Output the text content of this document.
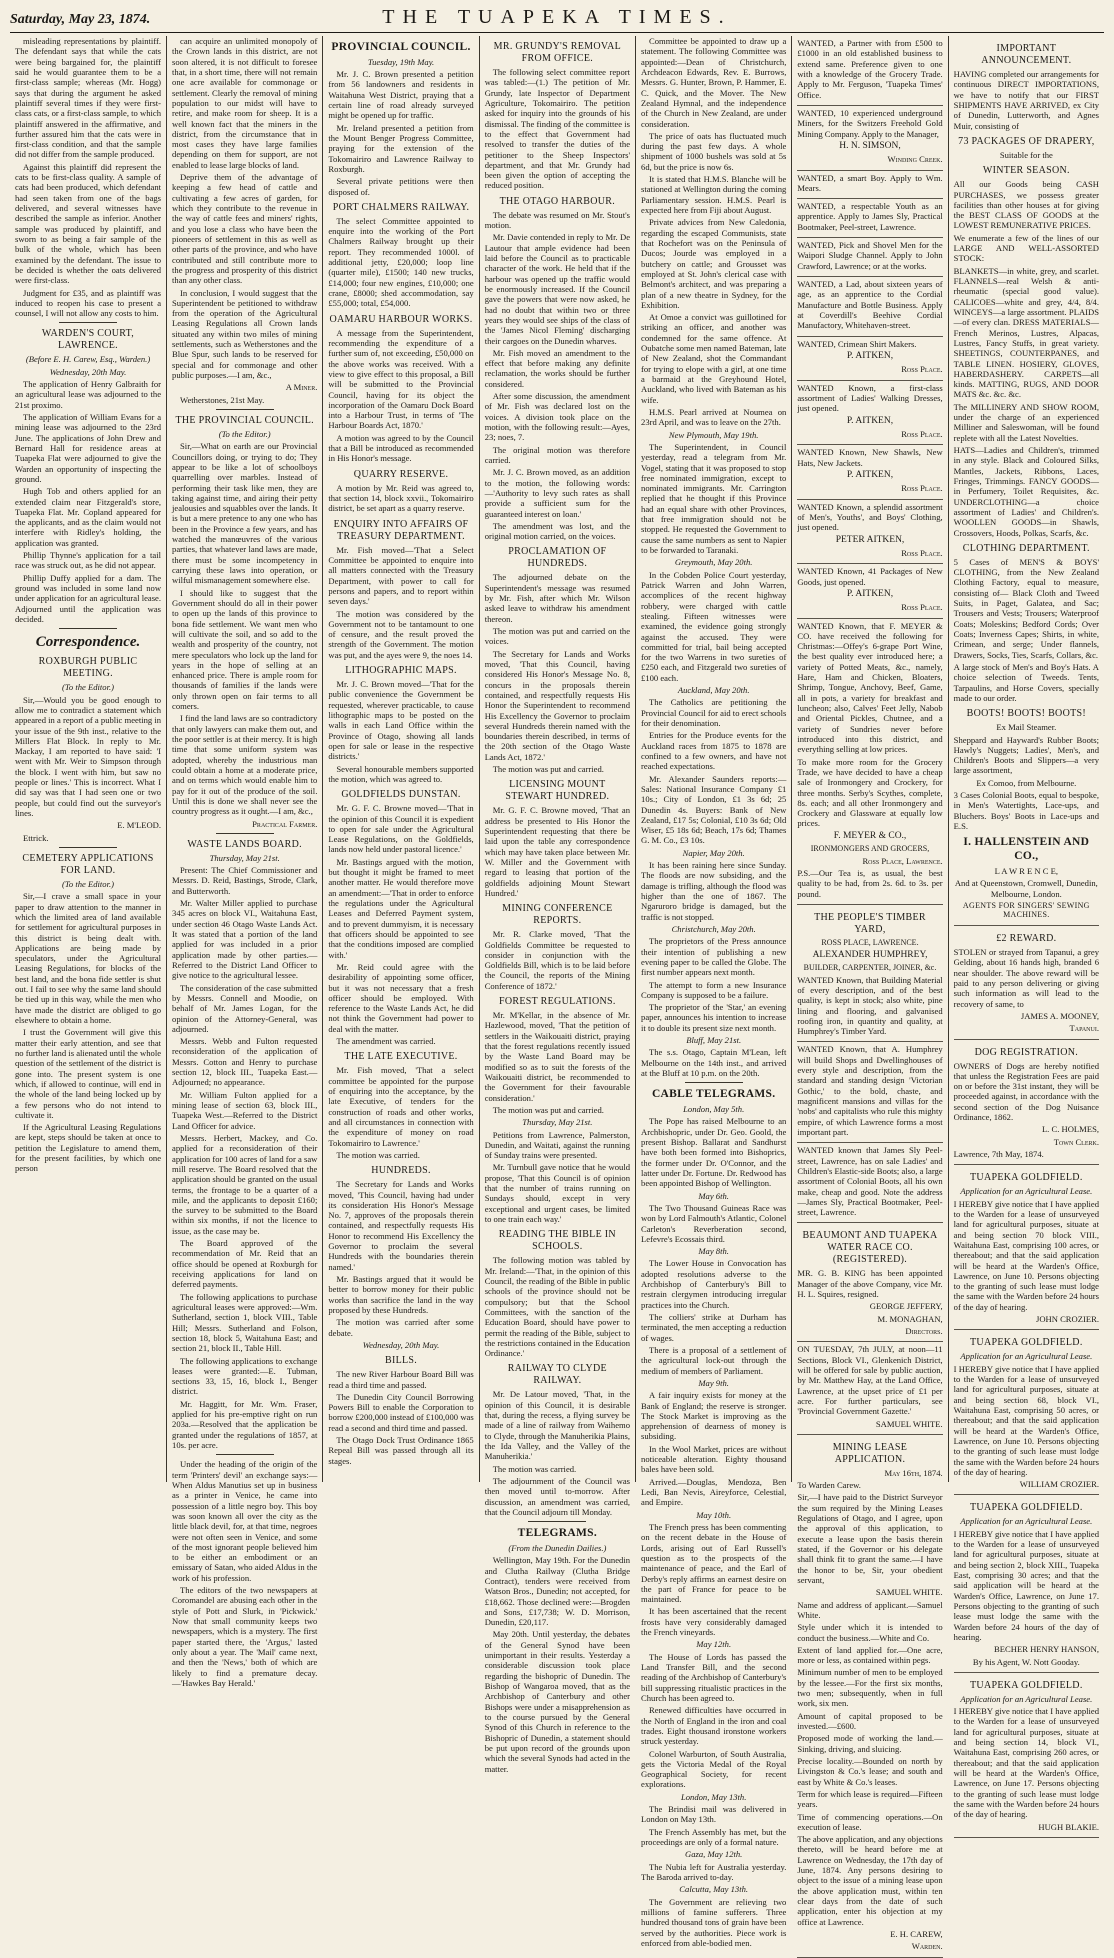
Saturday, May 23, 1874.	THE TUAPEKA TIMES.

misleading representations by plaintiff. The defendant says that while the cats were being bargained for, the plaintiff said he would guarantee them to be a first-class sample; whereas (Mr. Hogg) says that during the argument he asked plaintiff several times if they were first-class cats, or a first-class sample, to which plaintiff answered in the affirmative, and further assured him that the cats were in first-class condition, and that the sample did not differ from the sample produced.

Against this plaintiff did represent the cats to be first-class quality. A sample of cats had been produced, which defendant had seen taken from one of the bags delivered, and several witnesses have described the sample as inferior. Another sample was produced by plaintiff, and sworn to as being a fair sample of the bulk of the whole, which has been examined by the defendant. The issue to be decided is whether the oats delivered were first-class.

Judgment for £35, and as plaintiff was induced to reopen his case to present a counsel, I will not allow any costs to him.

WARDEN'S COURT, LAWRENCE.

(Before E. H. Carew, Esq., Warden.)

Wednesday, 20th May.

The application of Henry Galbraith for an agricultural lease was adjourned to the 21st proximo.

The application of William Evans for a mining lease was adjourned to the 23rd June. The applications of John Drew and Bernard Hall for residence areas at Tuapeka Flat were adjourned to give the Warden an opportunity of inspecting the ground.

Hugh Tob and others applied for an extended claim near Fitzgerald's store, Tuapeka Flat. Mr. Copland appeared for the applicants, and as the claim would not interfere with Ridley's holding, the application was granted.

Phillip Thynne's application for a tail race was struck out, as he did not appear.

Phillip Duffy applied for a dam. The ground was included in some land now under application for an agricultural lease. Adjourned until the application was decided.

Correspondence.

ROXBURGH PUBLIC MEETING.

(To the Editor.)

Sir,—Would you be good enough to allow me to contradict a statement which appeared in a report of a public meeting in your issue of the 9th inst., relative to the Millers Flat Block. In reply to Mr. Mackay, I am reported to have said: 'I went with Mr. Weir to Simpson through the block. I went with him, but saw no people or lines.' This is incorrect. What I did say was that I had seen one or two people, but could find out the surveyor's lines.

E. M'LEOD.

Ettrick.

CEMETERY APPLICATIONS FOR LAND.

(To the Editor.)

Sir,—I crave a small space in your paper to draw attention to the manner in which the limited area of land available for settlement for agricultural purposes in this district is being dealt with. Applications are being made by speculators, under the Agricultural Leasing Regulations, for blocks of the best land, and the bona fide settler is shut out. I fail to see why the same land should be tied up in this way, while the men who have made the district are obliged to go elsewhere to obtain a home.

I trust the Government will give this matter their early attention, and see that no further land is alienated until the whole question of the settlement of the district is gone into. The present system is one which, if allowed to continue, will end in the whole of the land being locked up by a few persons who do not intend to cultivate it.

If the Agricultural Leasing Regulations are kept, steps should be taken at once to petition the Legislature to amend them, for the present facilities, by which one person

can acquire an unlimited monopoly of the Crown lands in this district, are not soon altered, it is not difficult to foresee that, in a short time, there will not remain one acre available for commonage or settlement. Clearly the removal of mining population to our midst will have to retire, and make room for sheep. It is a well known fact that the miners in the district, from the circumstance that in most cases they have large families depending on them for support, are not enabled to lease large blocks of land.

Deprive them of the advantage of keeping a few head of cattle and cultivating a few acres of garden, for which they contribute to the revenue in the way of cattle fees and miners' rights, and you lose a class who have been the pioneers of settlement in this as well as other parts of the province, and who have contributed and still contribute more to the progress and prosperity of this district than any other class.

In conclusion, I would suggest that the Superintendent be petitioned to withdraw from the operation of the Agricultural Leasing Regulations all Crown lands situated any within two miles of mining settlements, such as Wetherstones and the Blue Spur, such lands to be reserved for special and for commonage and other public purposes.—I am, &c.,

A Miner.

Wetherstones, 21st May.

THE PROVINCIAL COUNCIL.

(To the Editor.)

Sir,—What on earth are our Provincial Councillors doing, or trying to do; They appear to be like a lot of schoolboys quarrelling over marbles. Instead of performing their task like men, they are taking against time, and airing their petty jealousies and squabbles over the lands. It is but a mere pretence to any one who has been in the Province a few years, and has watched the manœuvres of the various parties, that whatever land laws are made, there must be some incompetency in carrying these laws into operation, or wilful mismanagement somewhere else.

I should like to suggest that the Government should do all in their power to open up the lands of this province to bona fide settlement. We want men who will cultivate the soil, and so add to the wealth and prosperity of the country, not mere speculators who lock up the land for years in the hope of selling at an enhanced price. There is ample room for thousands of families if the lands were only thrown open on fair terms to all comers.

I find the land laws are so contradictory that only lawyers can make them out, and the poor settler is at their mercy. It is high time that some uniform system was adopted, whereby the industrious man could obtain a home at a moderate price, and on terms which would enable him to pay for it out of the produce of the soil. Until this is done we shall never see the country progress as it ought.—I am, &c.,

Practical Farmer.

WASTE LANDS BOARD.

Thursday, May 21st.

Present: The Chief Commissioner and Messrs. D. Reid, Bastings, Strode, Clark, and Butterworth.

Mr. Walter Miller applied to purchase 345 acres on block VI., Waitahuna East, under section 46 Otago Waste Lands Act. It was stated that a portion of the land applied for was included in a prior application made by other parties.—Referred to the District Land Officer to give notice to the agricultural lessee.

The consideration of the case submitted by Messrs. Connell and Moodie, on behalf of Mr. James Logan, for the opinion of the Attorney-General, was adjourned.

Messrs. Webb and Fulton requested reconsideration of the application of Messrs. Cotton and Henry to purchase section 12, block III., Tuapeka East.—Adjourned; no appearance.

Mr. William Fulton applied for a mining lease of section 63, block III., Tuapeka West.—Referred to the District Land Officer for advice.

Messrs. Herbert, Mackey, and Co. applied for a reconsideration of their application for 100 acres of land for a saw mill reserve. The Board resolved that the application should be granted on the usual terms, the frontage to be a quarter of a mile, and the applicants to deposit £160; the survey to be submitted to the Board within six months, if not the licence to issue, as the case may be.

The Board approved of the recommendation of Mr. Reid that an office should be opened at Roxburgh for receiving applications for land on deferred payments.

The following applications to purchase agricultural leases were approved:—Wm. Sutherland, section 1, block VIII., Table Hill; Messrs. Sutherland and Folson, section 18, block 5, Waitahuna East; and section 21, block II., Table Hill.

The following applications to exchange leases were granted:—E. Tubman, sections 33, 15, 16, block I., Benger district.

Mr. Haggitt, for Mr. Wm. Fraser, applied for his pre-emptive right on run 203a.—Resolved that the application be granted under the regulations of 1857, at 10s. per acre.

Under the heading of the origin of the term 'Printers' devil' an exchange says:—When Aldus Manutius set up in business as a printer in Venice, he came into possession of a little negro boy. This boy was soon known all over the city as the little black devil, for, at that time, negroes were not often seen in Venice, and some of the most ignorant people believed him to be either an embodiment or an emissary of Satan, who aided Aldus in the work of his profession.

The editors of the two newspapers at Coromandel are abusing each other in the style of Pott and Slurk, in 'Pickwick.' Now that small community keeps two newspapers, which is a mystery. The first paper started there, the 'Argus,' lasted only about a year. The 'Mail' came next, and then the 'News,' both of which are likely to find a premature decay.—'Hawkes Bay Herald.'

PROVINCIAL COUNCIL.

Tuesday, 19th May.

Mr. J. C. Brown presented a petition from 56 landowners and residents in Waitahuna West District, praying that a certain line of road already surveyed might be opened up for traffic.

Mr. Ireland presented a petition from the Mount Benger Progress Committee, praying for the extension of the Tokomairiro and Lawrence Railway to Roxburgh.

Several private petitions were then disposed of.

PORT CHALMERS RAILWAY.

The select Committee appointed to enquire into the working of the Port Chalmers Railway brought up their report. They recommended 1000l. of additional jetty, £20,000; loop line (quarter mile), £1500; 140 new trucks, £14,000; four new engines, £10,000; one crane, £8000; shed accommodation, say £55,000; total, £54,000.

OAMARU HARBOUR WORKS.

A message from the Superintendent, recommending the expenditure of a further sum of, not exceeding, £50,000 on the above works was received. With a view to give effect to this proposal, a Bill will be submitted to the Provincial Council, having for its object the incorporation of the Oamaru Dock Board into a Harbour Trust, in terms of 'The Harbour Boards Act, 1870.'

A motion was agreed to by the Council that a Bill be introduced as recommended in His Honor's message.

QUARRY RESERVE.

A motion by Mr. Reid was agreed to, that section 14, block xxvii., Tokomairiro district, be set apart as a quarry reserve.

ENQUIRY INTO AFFAIRS OF TREASURY DEPARTMENT.

Mr. Fish moved—'That a Select Committee be appointed to enquire into all matters connected with the Treasury Department, with power to call for persons and papers, and to report within seven days.'

The motion was considered by the Government not to be tantamount to one of censure, and the result proved the strength of the Government. The motion was put, and the ayes were 9, the noes 14.

LITHOGRAPHIC MAPS.

Mr. J. C. Brown moved—'That for the public convenience the Government be requested, wherever practicable, to cause lithographic maps to be posted on the walls in each Land Office within the Province of Otago, showing all lands open for sale or lease in the respective districts.'

Several honourable members supported the motion, which was agreed to.

GOLDFIELDS DUNSTAN.

Mr. G. F. C. Browne moved—'That in the opinion of this Council it is expedient to open for sale under the Agricultural Lease Regulations, on the Goldfields, lands now held under pastoral licence.'

Mr. Bastings argued with the motion, but thought it might be framed to meet another matter. He would therefore move an amendment:—'That in order to enforce the regulations under the Agricultural Leases and Deferred Payment system, and to prevent dummyism, it is necessary that officers should be appointed to see that the conditions imposed are complied with.'

Mr. Reid could agree with the desirability of appointing some officer, but it was not necessary that a fresh officer should be employed. With reference to the Waste Lands Act, he did not think the Government had power to deal with the matter.

The amendment was carried.

THE LATE EXECUTIVE.

Mr. Fish moved, 'That a select committee be appointed for the purpose of enquiring into the acceptance, by the late Executive, of tenders for the construction of roads and other works, and all circumstances in connection with the expenditure of money on road Tokomairiro to Lawrence.'

The motion was carried.

HUNDREDS.

The Secretary for Lands and Works moved, 'This Council, having had under its consideration His Honor's Message No. 7, approves of the proposals therein contained, and respectfully requests His Honor to recommend His Excellency the Governor to proclaim the several Hundreds with the boundaries therein named.'

Mr. Bastings argued that it would be better to borrow money for their public works than sacrifice the land in the way proposed by these Hundreds.

The motion was carried after some debate.

Wednesday, 20th May.

BILLS.

The new River Harbour Board Bill was read a third time and passed.

The Dunedin City Council Borrowing Powers Bill to enable the Corporation to borrow £200,000 instead of £100,000 was read a second and third time and passed.

The Otago Dock Trust Ordinance 1865 Repeal Bill was passed through all its stages.

MR. GRUNDY'S REMOVAL FROM OFFICE.

The following select committee report was tabled:—(1.) The petition of Mr. Grundy, late Inspector of Department Agriculture, Tokomairiro. The petition asked for inquiry into the grounds of his dismissal. The finding of the committee is to the effect that Government had resolved to transfer the duties of the petitioner to the Sheep Inspectors' department, and that Mr. Grundy had been given the option of accepting the reduced position.

THE OTAGO HARBOUR.

The debate was resumed on Mr. Stout's motion.

Mr. Davie contended in reply to Mr. De Lautour that ample evidence had been laid before the Council as to practicable character of the work. He held that if the harbour was opened up the traffic would be enormously increased. If the Council gave the powers that were now asked, he had no doubt that within two or three years they would see ships of the class of the 'James Nicol Fleming' discharging their cargoes on the Dunedin wharves.

Mr. Fish moved an amendment to the effect that before making any definite reclamation, the works should be further considered.

After some discussion, the amendment of Mr. Fish was declared lost on the voices. A division took place on the motion, with the following result:—Ayes, 23; noes, 7.

The original motion was therefore carried.

Mr. J. C. Brown moved, as an addition to the motion, the following words:—'Authority to levy such rates as shall provide a sufficient sum for the guaranteed interest on loan.'

The amendment was lost, and the original motion carried, on the voices.

PROCLAMATION OF HUNDREDS.

The adjourned debate on the Superintendent's message was resumed by Mr. Fish, after which Mr. Wilson asked leave to withdraw his amendment thereon.

The motion was put and carried on the voices.

The Secretary for Lands and Works moved, 'That this Council, having considered His Honor's Message No. 8, concurs in the proposals therein contained, and respectfully requests His Honor the Superintendent to recommend His Excellency the Governor to proclaim several Hundreds therein named with the boundaries therein described, in terms of the 20th section of the Otago Waste Lands Act, 1872.'

The motion was put and carried.

LICENSING MOUNT STEWART HUNDRED.

Mr. G. F. C. Browne moved, 'That an address be presented to His Honor the Superintendent requesting that there be laid upon the table any correspondence which may have taken place between Mr. W. Miller and the Government with regard to leasing that portion of the goldfields adjoining Mount Stewart Hundred.'

MINING CONFERENCE REPORTS.

Mr. R. Clarke moved, 'That the Goldfields Committee be requested to consider in conjunction with the Goldfields Bill, which is to be laid before the Council, the reports of the Mining Conference of 1872.'

FOREST REGULATIONS.

Mr. M'Kellar, in the absence of Mr. Hazlewood, moved, 'That the petition of settlers in the Waikouaiti district, praying that the forest regulations recently issued by the Waste Land Board may be modified so as to suit the forests of the Waikouaiti district, be recommended to the Government for their favourable consideration.'

The motion was put and carried.

Thursday, May 21st.

Petitions from Lawrence, Palmerston, Dunedin, and Waitati, against the running of Sunday trains were presented.

Mr. Turnbull gave notice that he would propose, 'That this Council is of opinion that the number of trains running on Sundays should, except in very exceptional and urgent cases, be limited to one train each way.'

READING THE BIBLE IN SCHOOLS.

The following motion was tabled by Mr. Ireland:—'That, in the opinion of this Council, the reading of the Bible in public schools of the province should not be compulsory; but that the School Committees, with the sanction of the Education Board, should have power to permit the reading of the Bible, subject to the restrictions contained in the Education Ordinance.'

RAILWAY TO CLYDE RAILWAY.

Mr. De Latour moved, 'That, in the opinion of this Council, it is desirable that, during the recess, a flying survey be made of a line of railway from Waihemo to Clyde, through the Manuherikia Plains, the Ida Valley, and the Valley of the Manuherikia.'

The motion was carried.

The adjournment of the Council was then moved until to-morrow. After discussion, an amendment was carried, that the Council adjourn till Monday.

TELEGRAMS.

(From the Dunedin Dailies.)

Wellington, May 19th. For the Dunedin and Clutha Railway (Clutha Bridge Contract), tenders were received from Watson Bros., Dunedin; not accepted, for £18,662. Those declined were:—Brogden and Sons, £17,738; W. D. Morrison, Dunedin, £20,117.

May 20th. Until yesterday, the debates of the General Synod have been unimportant in their results. Yesterday a considerable discussion took place regarding the bishopric of Dunedin. The Bishop of Wangaroa moved, that as the Archbishop of Canterbury and other Bishops were under a misapprehension as to the course pursued by the General Synod of this Church in reference to the Bishopric of Dunedin, a statement should be put upon record of the grounds upon which the several Synods had acted in the matter.

Committee be appointed to draw up a statement. The following Committee was appointed:—Dean of Christchurch, Archdeacon Edwards, Rev. E. Burrows, Messrs. G. Hunter, Brown, P. Hammer, E. C. Quick, and the Mover. The New Zealand Hymnal, and the independence of the Church in New Zealand, are under consideration.

The price of oats has fluctuated much during the past few days. A whole shipment of 1000 bushels was sold at 5s 6d, but the price is now 6s.

It is stated that H.M.S. Blanche will be stationed at Wellington during the coming Parliamentary session. H.M.S. Pearl is expected here from Fiji about August.

Private advices from New Caledonia, regarding the escaped Communists, state that Rochefort was on the Peninsula of Ducos; Jourde was employed in a butchery on cattle; and Grousset was employed at St. John's clerical case with Belmont's architect, and was preparing a plan of a new theatre in Sydney, for the Exhibition.

At Omoe a convict was guillotined for striking an officer, and another was condemned for the same offence. At Oubatche some men named Bateman, late of New Zealand, shot the Commandant for trying to elope with a girl, at one time a barmaid at the Greyhound Hotel, Auckland, who lived with Bateman as his wife.

H.M.S. Pearl arrived at Noumea on 23rd April, and was to leave on the 27th.

New Plymouth, May 19th.

The Superintendent, in Council yesterday, read a telegram from Mr. Vogel, stating that it was proposed to stop free nominated immigration, except to nominated immigrants. Mr. Carrington replied that he thought if this Province had an equal share with other Provinces, that free immigration should not be stopped. He requested the Government to cause the same numbers as sent to Napier to be forwarded to Taranaki.

Greymouth, May 20th.

In the Cobden Police Court yesterday, Patrick Warren and John Warren, accomplices of the recent highway robbery, were charged with cattle stealing. Fifteen witnesses were examined, the evidence going strongly against the accused. They were committed for trial, bail being accepted for the two Warrens in two sureties of £250 each, and Fitzgerald two sureties of £100 each.

Auckland, May 20th.

The Catholics are petitioning the Provincial Council for aid to erect schools for their denomination.

Entries for the Produce events for the Auckland races from 1875 to 1878 are confined to a few owners, and have not reached expectations.

Mr. Alexander Saunders reports:—Sales: National Insurance Company £1 10s.; City of London, £1 3s 6d; 25 Dunedin 4s. Buyers: Bank of New Zealand, £17 5s; Colonial, £10 3s 6d; Old Wiser, £5 18s 6d; Beach, 17s 6d; Thames G. M. Co., £3 10s.

Napier, May 20th.

It has been raining here since Sunday. The floods are now subsiding, and the damage is trifling, although the flood was higher than the one of 1867. The Ngaruroro bridge is damaged, but the traffic is not stopped.

Christchurch, May 20th.

The proprietors of the Press announce their intention of publishing a new evening paper to be called the Globe. The first number appears next month.

The attempt to form a new Insurance Company is supposed to be a failure.

The proprietor of the 'Star,' an evening paper, announces his intention to increase it to double its present size next month.

Bluff, May 21st.

The s.s. Otago, Captain M'Lean, left Melbourne on the 14th inst., and arrived at the Bluff at 10 p.m. on the 20th.

CABLE TELEGRAMS.

London, May 5th.

The Pope has raised Melbourne to an Archbishopric, under Dr. Geo. Goold, the present Bishop. Ballarat and Sandhurst have both been formed into Bishoprics, the former under Dr. O'Connor, and the latter under Dr. Fortune. Dr. Redwood has been appointed Bishop of Wellington.

May 6th.

The Two Thousand Guineas Race was won by Lord Falmouth's Atlantic, Colonel Carleton's Reverberation second, Lefevre's Ecossais third.

May 8th.

The Lower House in Convocation has adopted resolutions adverse to the Archbishop of Canterbury's Bill to restrain clergymen introducing irregular practices into the Church.

The colliers' strike at Durham has terminated, the men accepting a reduction of wages.

There is a proposal of a settlement of the agricultural lock-out through the medium of members of Parliament.

May 9th.

A fair inquiry exists for money at the Bank of England; the reserve is stronger. The Stock Market is improving as the apprehension of dearness of money is subsiding.

In the Wool Market, prices are without noticeable alteration. Eighty thousand bales have been sold.

Arrived.—Douglas, Mendoza, Ben Ledi, Ban Nevis, Aireyforce, Celestial, and Empire.

May 10th.

The French press has been commenting on the recent debate in the House of Lords, arising out of Earl Russell's question as to the prospects of the maintenance of peace, and the Earl of Derby's reply affirms an earnest desire on the part of France for peace to be maintained.

It has been ascertained that the recent frosts have very considerably damaged the French vineyards.

May 12th.

The House of Lords has passed the Land Transfer Bill, and the second reading of the Archbishop of Canterbury's bill suppressing ritualistic practices in the Church has been agreed to.

Renewed difficulties have occurred in the North of England in the iron and coal trades. Eight thousand ironstone workers struck yesterday.

Colonel Warburton, of South Australia, gets the Victoria Medal of the Royal Geographical Society, for recent explorations.

London, May 13th.

The Brindisi mail was delivered in London on May 13th.

The French Assembly has met, but the proceedings are only of a formal nature.

Gaza, May 12th.

The Nubia left for Australia yesterday. The Baroda arrived to-day.

Calcutta, May 13th.

The Government are relieving two millions of famine sufferers. Three hundred thousand tons of grain have been served by the authorities. Piece work is enforced from able-bodied men.

WANTED, a Partner with from £500 to £1000 in an old established business to extend same. Preference given to one with a knowledge of the Grocery Trade. Apply to Mr. Ferguson, 'Tuapeka Times' Office.

WANTED, 10 experienced underground Miners, for the Switzers Freehold Gold Mining Company. Apply to the Manager,

H. N. SIMSON,

Winding Creek.

WANTED, a smart Boy. Apply to Wm. Mears.

WANTED, a respectable Youth as an apprentice. Apply to James Sly, Practical Bootmaker, Peel-street, Lawrence.

WANTED, Pick and Shovel Men for the Waipori Sludge Channel. Apply to John Crawford, Lawrence; or at the works.

WANTED, a Lad, about sixteen years of age, as an apprentice to the Cordial Manufacture and Bottle Business. Apply at Coverdill's Beehive Cordial Manufactory, Whitehaven-street.

WANTED, Crimean Shirt Makers.

P. AITKEN,

Ross Place.

WANTED Known, a first-class assortment of Ladies' Walking Dresses, just opened.

P. AITKEN,

Ross Place.

WANTED Known, New Shawls, New Hats, New Jackets.

P. AITKEN,

Ross Place.

WANTED Known, a splendid assortment of Men's, Youths', and Boys' Clothing, just opened.

PETER AITKEN,

Ross Place.

WANTED Known, 41 Packages of New Goods, just opened.

P. AITKEN,

Ross Place.

WANTED Known, that F. MEYER & CO. have received the following for Christmas:—Offey's 6-grape Port Wine, the best quality ever introduced here; a variety of Potted Meats, &c., namely, Hare, Ham and Chicken, Bloaters, Shrimp, Tongue, Anchovy, Beef, Game, all in pots, a variety for breakfast and luncheon; also, Calves' Feet Jelly, Nabob and Oriental Pickles, Chutnee, and a variety of Sundries never before introduced into this district, and everything selling at low prices.

To make more room for the Grocery Trade, we have decided to have a cheap sale of Ironmongery and Crockery, for three months. Serby's Scythes, complete, 8s. each; and all other Ironmongery and Crockery and Glassware at equally low prices.

F. MEYER & CO.,

IRONMONGERS AND GROCERS,

Ross Place, Lawrence.

P.S.—Our Tea is, as usual, the best quality to be had, from 2s. 6d. to 3s. per pound.

THE PEOPLE'S TIMBER YARD,

ROSS PLACE, LAWRENCE.

ALEXANDER HUMPHREY,

BUILDER, CARPENTER, JOINER, &c.

WANTED Known, that Building Material of every description, and of the best quality, is kept in stock; also white, pine lining and flooring, and galvanised roofing iron, in quantity and quality, at Humphrey's Timber Yard.

WANTED Known, that A. Humphrey will build Shops and Dwellinghouses of every style and description, from the standard and standing design 'Victorian Gothic,' to the bold, chaste, and magnificent mansions and villas for the 'nobs' and capitalists who rule this mighty empire, of which Lawrence forms a most important part.

WANTED known that James Sly Peel-street, Lawrence, has on sale Ladies' and Children's Elastic-side Boots; also, a large assortment of Colonial Boots, all his own make, cheap and good. Note the address—James Sly, Practical Bootmaker, Peel-street, Lawrence.

BEAUMONT AND TUAPEKA WATER RACE CO. (REGISTERED).

MR. G. B. KING has been appointed Manager of the above Company, vice Mr. H. L. Squires, resigned.

GEORGE JEFFERY,

M. MONAGHAN,

Directors.

ON TUESDAY, 7th JULY, at noon—11 Sections, Block VI., Glenkenich District, will be offered for sale by public auction, by Mr. Matthew Hay, at the Land Office, Lawrence, at the upset price of £1 per acre. For further particulars, see 'Provincial Government Gazette.'

SAMUEL WHITE.

MINING LEASE APPLICATION.

May 16th, 1874.

To Warden Carew.

Sir,—I have paid to the District Surveyor the sum required by the Mining Leases Regulations of Otago, and I agree, upon the approval of this application, to execute a lease upon the basis therein stated, if the Governor or his delegate shall think fit to grant the same.—I have the honor to be, Sir, your obedient servant,

SAMUEL WHITE.

Name and address of applicant.—Samuel White.

Style under which it is intended to conduct the business.—White and Co.

Extent of land applied for.—One acre, more or less, as contained within pegs.

Minimum number of men to be employed by the lessee.—For the first six months, two men; subsequently, when in full work, six men.

Amount of capital proposed to be invested.—£600.

Proposed mode of working the land.—Sinking, driving, and sluicing.

Precise locality.—Bounded on north by Livingston & Co.'s lease; and south and east by White & Co.'s leases.

Term for which lease is required—Fifteen years.

Time of commencing operations.—On execution of lease.

The above application, and any objections thereto, will be heard before me at Lawrence on Wednesday, the 17th day of June, 1874. Any persons desiring to object to the issue of a mining lease upon the above application must, within ten clear days from the date of such application, enter his objection at my office at Lawrence.

E. H. CAREW,

Warden.

IMPORTANT ANNOUNCEMENT.

HAVING completed our arrangements for continuous DIRECT IMPORTATIONS, we have to notify that our FIRST SHIPMENTS HAVE ARRIVED, ex City of Dunedin, Lutterworth, and Agnes Muir, consisting of

73 PACKAGES OF DRAPERY,

Suitable for the

WINTER SEASON.

All our Goods being CASH PURCHASES, we possess greater facilities than other houses at for giving the BEST CLASS OF GOODS at the LOWEST REMUNERATIVE PRICES.

We enumerate a few of the lines of our LARGE AND WELL-ASSORTED STOCK:

BLANKETS—in white, grey, and scarlet. FLANNELS—real Welsh & anti-rheumatic (special good value). CALICOES—white and grey, 4/4, 8/4. WINCEYS—a large assortment. PLAIDS—of every clan. DRESS MATERIALS—French Merinos, Lustres, Alpacas, Lustres, Fancy Stuffs, in great variety. SHEETINGS, COUNTERPANES, and TABLE LINEN. HOSIERY, GLOVES, HABERDASHERY. CARPETS—all kinds. MATTING, RUGS, AND DOOR MATS &c. &c. &c.

The MILLINERY AND SHOW ROOM, under the charge of an experienced Milliner and Saleswoman, will be found replete with all the Latest Novelties.

HATS—Ladies and Children's, trimmed in any style. Black and Coloured Silks, Mantles, Jackets, Ribbons, Laces, Fringes, Trimmings. FANCY GOODS—in Perfumery, Toilet Requisites, &c. UNDERCLOTHING—a choice assortment of Ladies' and Children's. WOOLLEN GOODS—in Shawls, Crossovers, Hoods, Polkas, Scarfs, &c.

CLOTHING DEPARTMENT.

5 Cases of MEN'S & BOYS' CLOTHING, from the New Zealand Clothing Factory, equal to measure, consisting of— Black Cloth and Tweed Suits, in Paget, Galatea, and Sac; Trousers and Vests; Trousers; Waterproof Coats; Moleskins; Bedford Cords; Over Coats; Inverness Capes; Shirts, in white, Crimean, and serge; Under flannels, Drawers, Socks, Ties, Scarfs, Collars, &c.

A large stock of Men's and Boy's Hats. A choice selection of Tweeds. Tents, Tarpaulins, and Horse Covers, specially made to our order.

BOOTS! BOOTS! BOOTS!

Ex Mail Steamer.

Sheppard and Hayward's Rubber Boots; Hawly's Nuggets; Ladies', Men's, and Children's Boots and Slippers—a very large assortment,

Ex Comoo, from Melbourne.

3 Cases Colonial Boots, equal to bespoke, in Men's Watertights, Lace-ups, and Bluchers. Boys' Boots in Lace-ups and E.S.

I. HALLENSTEIN AND CO.,

L A W R E N C E,

And at Queenstown, Cromwell, Dunedin, Melbourne, London.

AGENTS FOR SINGERS' SEWING MACHINES.

£2 REWARD.

STOLEN or strayed from Tapanui, a grey Gelding, about 16 hands high, branded 6 near shoulder. The above reward will be paid to any person delivering or giving such information as will lead to the recovery of same, to

JAMES A. MOONEY,

Tapanui.

DOG REGISTRATION.

OWNERS of Dogs are hereby notified that unless the Registration Fees are paid on or before the 31st instant, they will be proceeded against, in accordance with the second section of the Dog Nuisance Ordinance, 1862.

L. C. HOLMES,

Town Clerk.

Lawrence, 7th May, 1874.

TUAPEKA GOLDFIELD.

Application for an Agricultural Lease.

I HEREBY give notice that I have applied to the Warden for a lease of unsurveyed land for agricultural purposes, situate at and being section 70 block VIII., Waitahuna East, comprising 100 acres, or thereabout; and that the said application will be heard at the Warden's Office, Lawrence, on June 10. Persons objecting to the granting of such lease must lodge the same with the Warden before 24 hours of the day of hearing.

JOHN CROZIER.

TUAPEKA GOLDFIELD.

Application for an Agricultural Lease.

I HEREBY give notice that I have applied to the Warden for a lease of unsurveyed land for agricultural purposes, situate at and being section 68, block VI., Waitahuna East, comprising 50 acres, or thereabout; and that the said application will be heard at the Warden's Office, Lawrence, on June 10. Persons objecting to the granting of such lease must lodge the same with the Warden before 24 hours of the day of hearing.

WILLIAM CROZIER.

TUAPEKA GOLDFIELD.

Application for an Agricultural Lease.

I HEREBY give notice that I have applied to the Warden for a lease of unsurveyed land for agricultural purposes, situate at and being section 2, block XIII., Tuapeka East, comprising 30 acres; and that the said application will be heard at the Warden's Office, Lawrence, on June 17. Persons objecting to the granting of such lease must lodge the same with the Warden before 24 hours of the day of hearing.

BECHER HENRY HANSON,

By his Agent, W. Nott Gooday.

TUAPEKA GOLDFIELD.

Application for an Agricultural Lease.

I HEREBY give notice that I have applied to the Warden for a lease of unsurveyed land for agricultural purposes, situate at and being section 14, block VI., Waitahuna East, comprising 260 acres, or thereabout; and that the said application will be heard at the Warden's Office, Lawrence, on June 17. Persons objecting to the granting of such lease must lodge the same with the Warden before 24 hours of the day of hearing.

HUGH BLAKIE.
